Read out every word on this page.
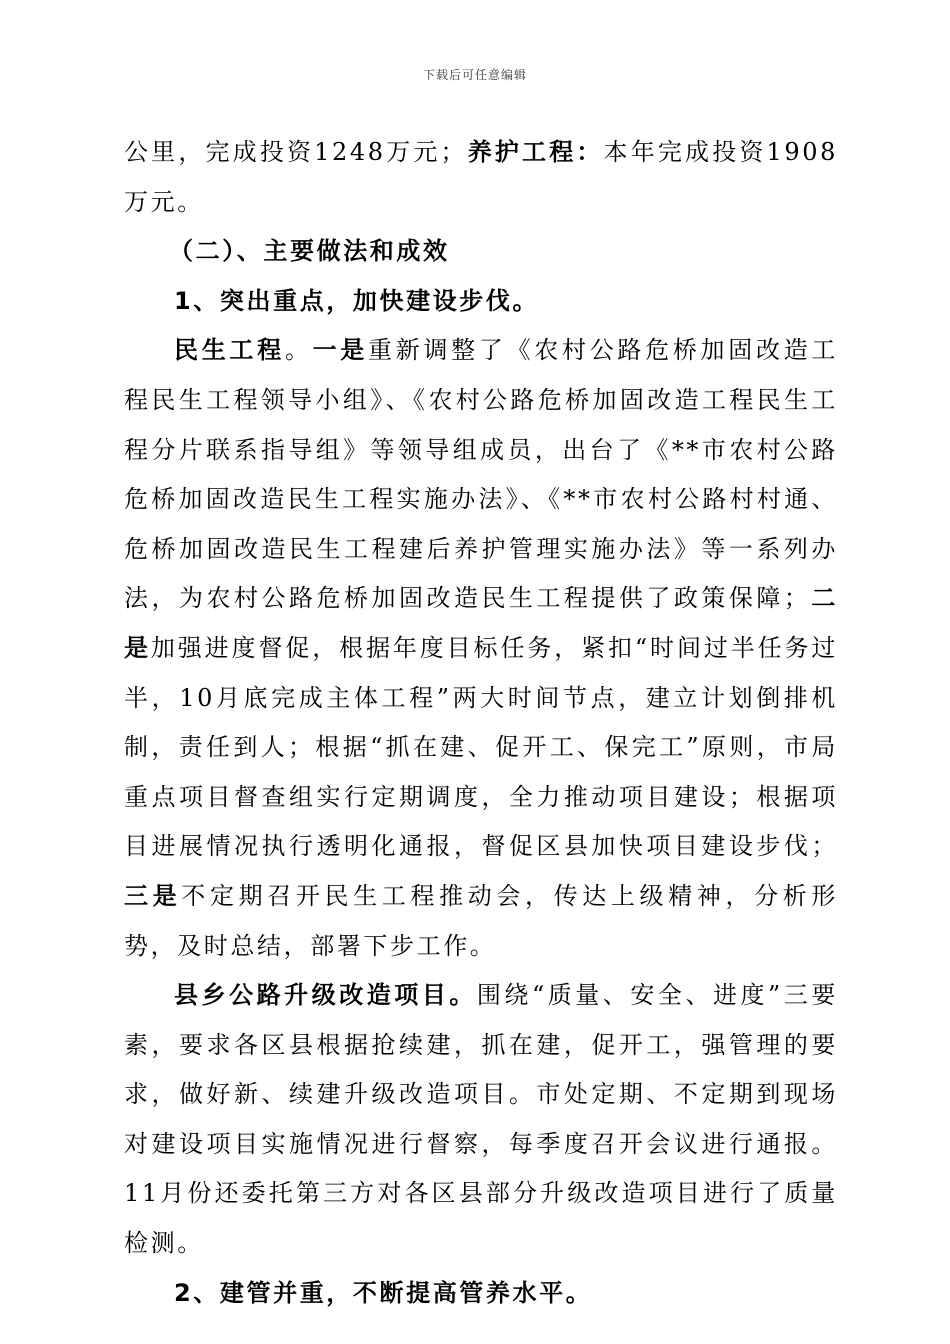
下载后可任意编辑

公里，完成投资1248万元；养护工程：本年完成投资1908万元。

（二）、主要做法和成效

1、突出重点，加快建设步伐。

民生工程。一是重新调整了《农村公路危桥加固改造工程民生工程领导小组》、《农村公路危桥加固改造工程民生工程分片联系指导组》等领导组成员，出台了《**市农村公路危桥加固改造民生工程实施办法》、《**市农村公路村村通、危桥加固改造民生工程建后养护管理实施办法》等一系列办法，为农村公路危桥加固改造民生工程提供了政策保障；二是加强进度督促，根据年度目标任务，紧扣“时间过半任务过半，10月底完成主体工程”两大时间节点，建立计划倒排机制，责任到人；根据“抓在建、促开工、保完工”原则，市局重点项目督查组实行定期调度，全力推动项目建设；根据项目进展情况执行透明化通报，督促区县加快项目建设步伐；三是不定期召开民生工程推动会，传达上级精神，分析形势，及时总结，部署下步工作。

县乡公路升级改造项目。围绕“质量、安全、进度”三要素，要求各区县根据抢续建，抓在建，促开工，强管理的要求，做好新、续建升级改造项目。市处定期、不定期到现场对建设项目实施情况进行督察，每季度召开会议进行通报。11月份还委托第三方对各区县部分升级改造项目进行了质量检测。

2、建管并重，不断提高管养水平。
